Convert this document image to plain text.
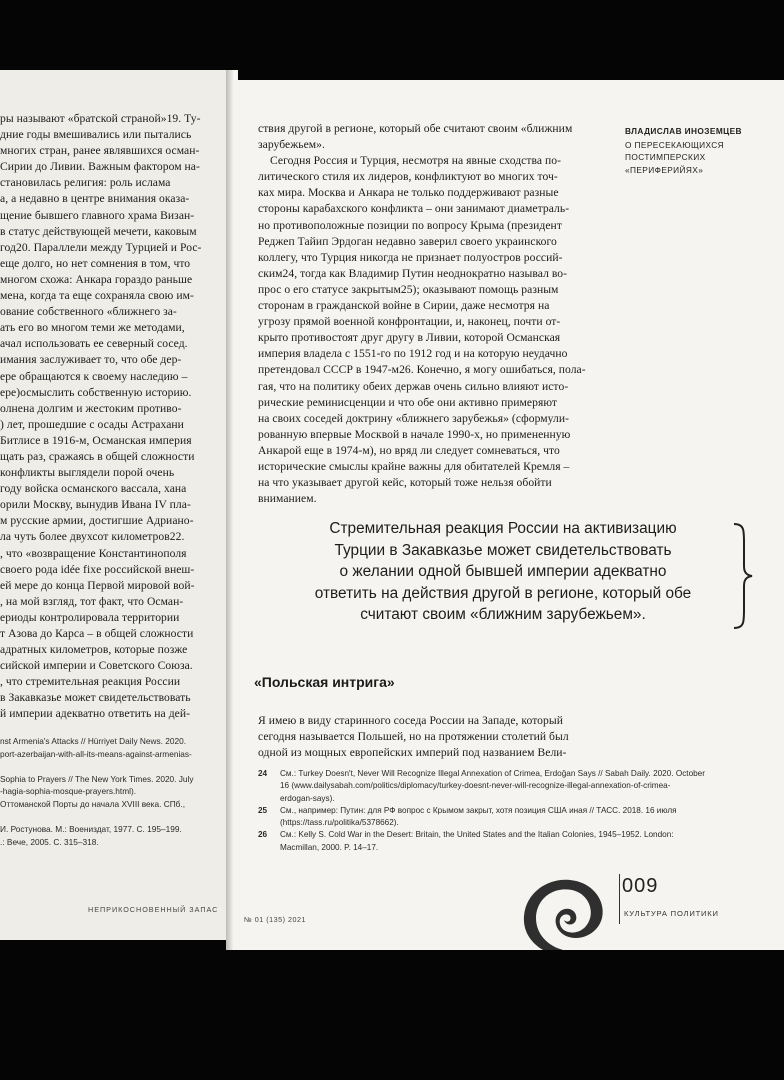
ры называют «братской страной»19. Ту-
дние годы вмешивались или пытались
многих стран, ранее являвшихся осман-
Сирии до Ливии. Важным фактором на-
становилась религия: роль ислама
а, а недавно в центре внимания оказа-
щение бывшего главного храма Визан-
в статус действующей мечети, каковым
год20. Параллели между Турцией и Рос-
еще долго, но нет сомнения в том, что
многом схожа: Анкара гораздо раньше
мена, когда та еще сохраняла свою им-
ование собственного «ближнего за-
ать его во многом теми же методами,
ачал использовать ее северный сосед.
имания заслуживает то, что обе дер-
ере обращаются к своему наследию –
ере)осмыслить собственную историю.
олнена долгим и жестоким противо-
) лет, прошедшие с осады Астрахани
Битлисе в 1916-м, Османская империя
щать раз, сражаясь в общей сложности
конфликты выглядели порой очень
году войска османского вассала, хана
орили Москву, вынудив Ивана IV пла-
м русские армии, достигшие Адриано-
ла чуть более двухсот километров22.
, что «возвращение Константинополя
своего рода idée fixe российской внеш-
ей мере до конца Первой мировой вой-
, на мой взгляд, тот факт, что Осман-
ериоды контролировала территории
т Азова до Карса – в общей сложности
адратных километров, которые позже
сийской империи и Советского Союза.
, что стремительная реакция России
в Закавказье может свидетельствовать
й империи адекватно ответить на дей-
nst Armenia's Attacks // Hürriyet Daily News. 2020.
port-azerbaijan-with-all-its-means-against-armenias-
Sophia to Prayers // The New York Times. 2020. July
-hagia-sophia-mosque-prayers.html).
Оттоманской Порты до начала XVIII века. СПб.,
И. Ростунова. М.: Воениздат, 1977. С. 195–199.
.: Вече, 2005. С. 315–318.
НЕПРИКОСНОВЕННЫЙ ЗАПАС
ствия другой в регионе, который обе считают своим «ближним
зарубежьем».
Сегодня Россия и Турция, несмотря на явные сходства по-
литического стиля их лидеров, конфликтуют во многих точ-
ках мира. Москва и Анкара не только поддерживают разные
стороны карабахского конфликта – они занимают диаметраль-
но противоположные позиции по вопросу Крыма (президент
Реджеп Тайип Эрдоган недавно заверил своего украинского
коллегу, что Турция никогда не признает полуостров россий-
ским24, тогда как Владимир Путин неоднократно называл во-
прос о его статусе закрытым25); оказывают помощь разным
сторонам в гражданской войне в Сирии, даже несмотря на
угрозу прямой военной конфронтации, и, наконец, почти от-
крыто противостоят друг другу в Ливии, которой Османская
империя владела с 1551-го по 1912 год и на которую неудачно
претендовал СССР в 1947-м26. Конечно, я могу ошибаться, пола-
гая, что на политику обеих держав очень сильно влияют истo-
рические реминисценции и что обе они активно примеряют
на своих соседей доктрину «ближнего зарубежья» (сформули-
рованную впервые Москвой в начале 1990-х, но примененную
Анкарой еще в 1974-м), но вряд ли следует сомневаться, что
исторические смыслы крайне важны для обитателей Кремля –
на что указывает другой кейс, который тоже нельзя обойти
вниманием.
ВЛАДИСЛАВ ИНОЗЕМЦЕВ
О ПЕРЕСЕКАЮЩИХСЯ
ПОСТИМПЕРСКИХ
«ПЕРИФЕРИЙЯХ»
Стремительная реакция России на активизацию
Турции в Закавказье может свидетельствовать
о желании одной бывшей империи адекватно
ответить на действия другой в регионе, который обе
считают своим «ближним зарубежьем».
«Польская интрига»
Я имею в виду старинного соседа России на Западе, который
сегодня называется Польшей, но на протяжении столетий был
одной из мощных европейских империй под названием Вели-
24	См.: Turkey Doesn't, Never Will Recognize Illegal Annexation of Crimea, Erdoğan Says // Sabah Daily. 2020. October
16 (www.dailysabah.com/politics/diplomacy/turkey-doesnt-never-will-recognize-illegal-annexation-of-crimea-
erdogan-says).
25	См., например: Путин: для РФ вопрос с Крымом закрыт, хотя позиция США иная // ТАСС. 2018. 16 июля
(https://tass.ru/politika/5378662).
26	См.: Kelly S. Cold War in the Desert: Britain, the United States and the Italian Colonies, 1945–1952. London:
Macmillan, 2000. P. 14–17.
№ 01 (135) 2021
009
КУЛЬТУРА ПОЛИТИКИ
